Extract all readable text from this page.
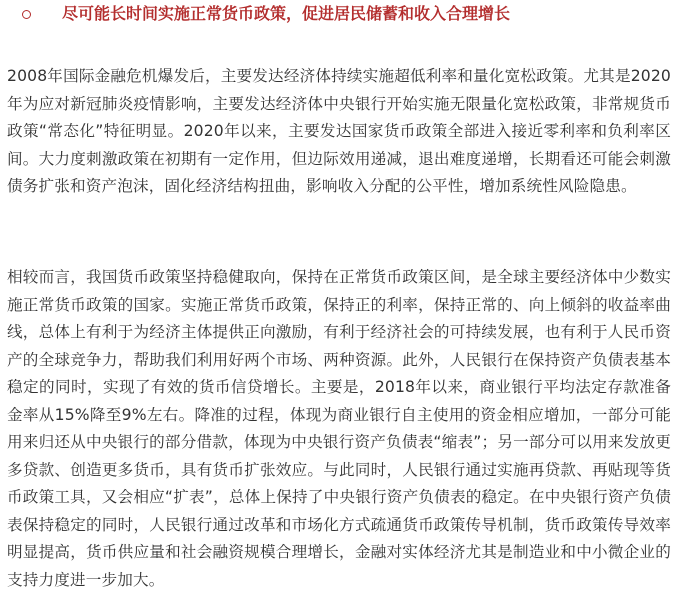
尽可能长时间实施正常货币政策，促进居民储蓄和收入合理增长

2008年国际金融危机爆发后，主要发达经济体持续实施超低利率和量化宽松政策。尤其是2020年为应对新冠肺炎疫情影响，主要发达经济体中央银行开始实施无限量化宽松政策，非常规货币政策“常态化”特征明显。2020年以来，主要发达国家货币政策全部进入接近零利率和负利率区间。大力度刺激政策在初期有一定作用，但边际效用递减，退出难度递增，长期看还可能会刺激债务扩张和资产泡沫，固化经济结构扭曲，影响收入分配的公平性，增加系统性风险隐患。

相较而言，我国货币政策坚持稳健取向，保持在正常货币政策区间，是全球主要经济体中少数实施正常货币政策的国家。实施正常货币政策，保持正的利率，保持正常的、向上倾斜的收益率曲线，总体上有利于为经济主体提供正向激励，有利于经济社会的可持续发展，也有利于人民币资产的全球竞争力，帮助我们利用好两个市场、两种资源。此外，人民银行在保持资产负债表基本稳定的同时，实现了有效的货币信贷增长。主要是，2018年以来，商业银行平均法定存款准备金率从15%降至9%左右。降准的过程，体现为商业银行自主使用的资金相应增加，一部分可能用来归还从中央银行的部分借款，体现为中央银行资产负债表“缩表”；另一部分可以用来发放更多贷款、创造更多货币，具有货币扩张效应。与此同时，人民银行通过实施再贷款、再贴现等货币政策工具，又会相应“扩表”，总体上保持了中央银行资产负债表的稳定。在中央银行资产负债表保持稳定的同时，人民银行通过改革和市场化方式疏通货币政策传导机制，货币政策传导效率明显提高，货币供应量和社会融资规模合理增长，金融对实体经济尤其是制造业和中小微企业的支持力度进一步加大。
